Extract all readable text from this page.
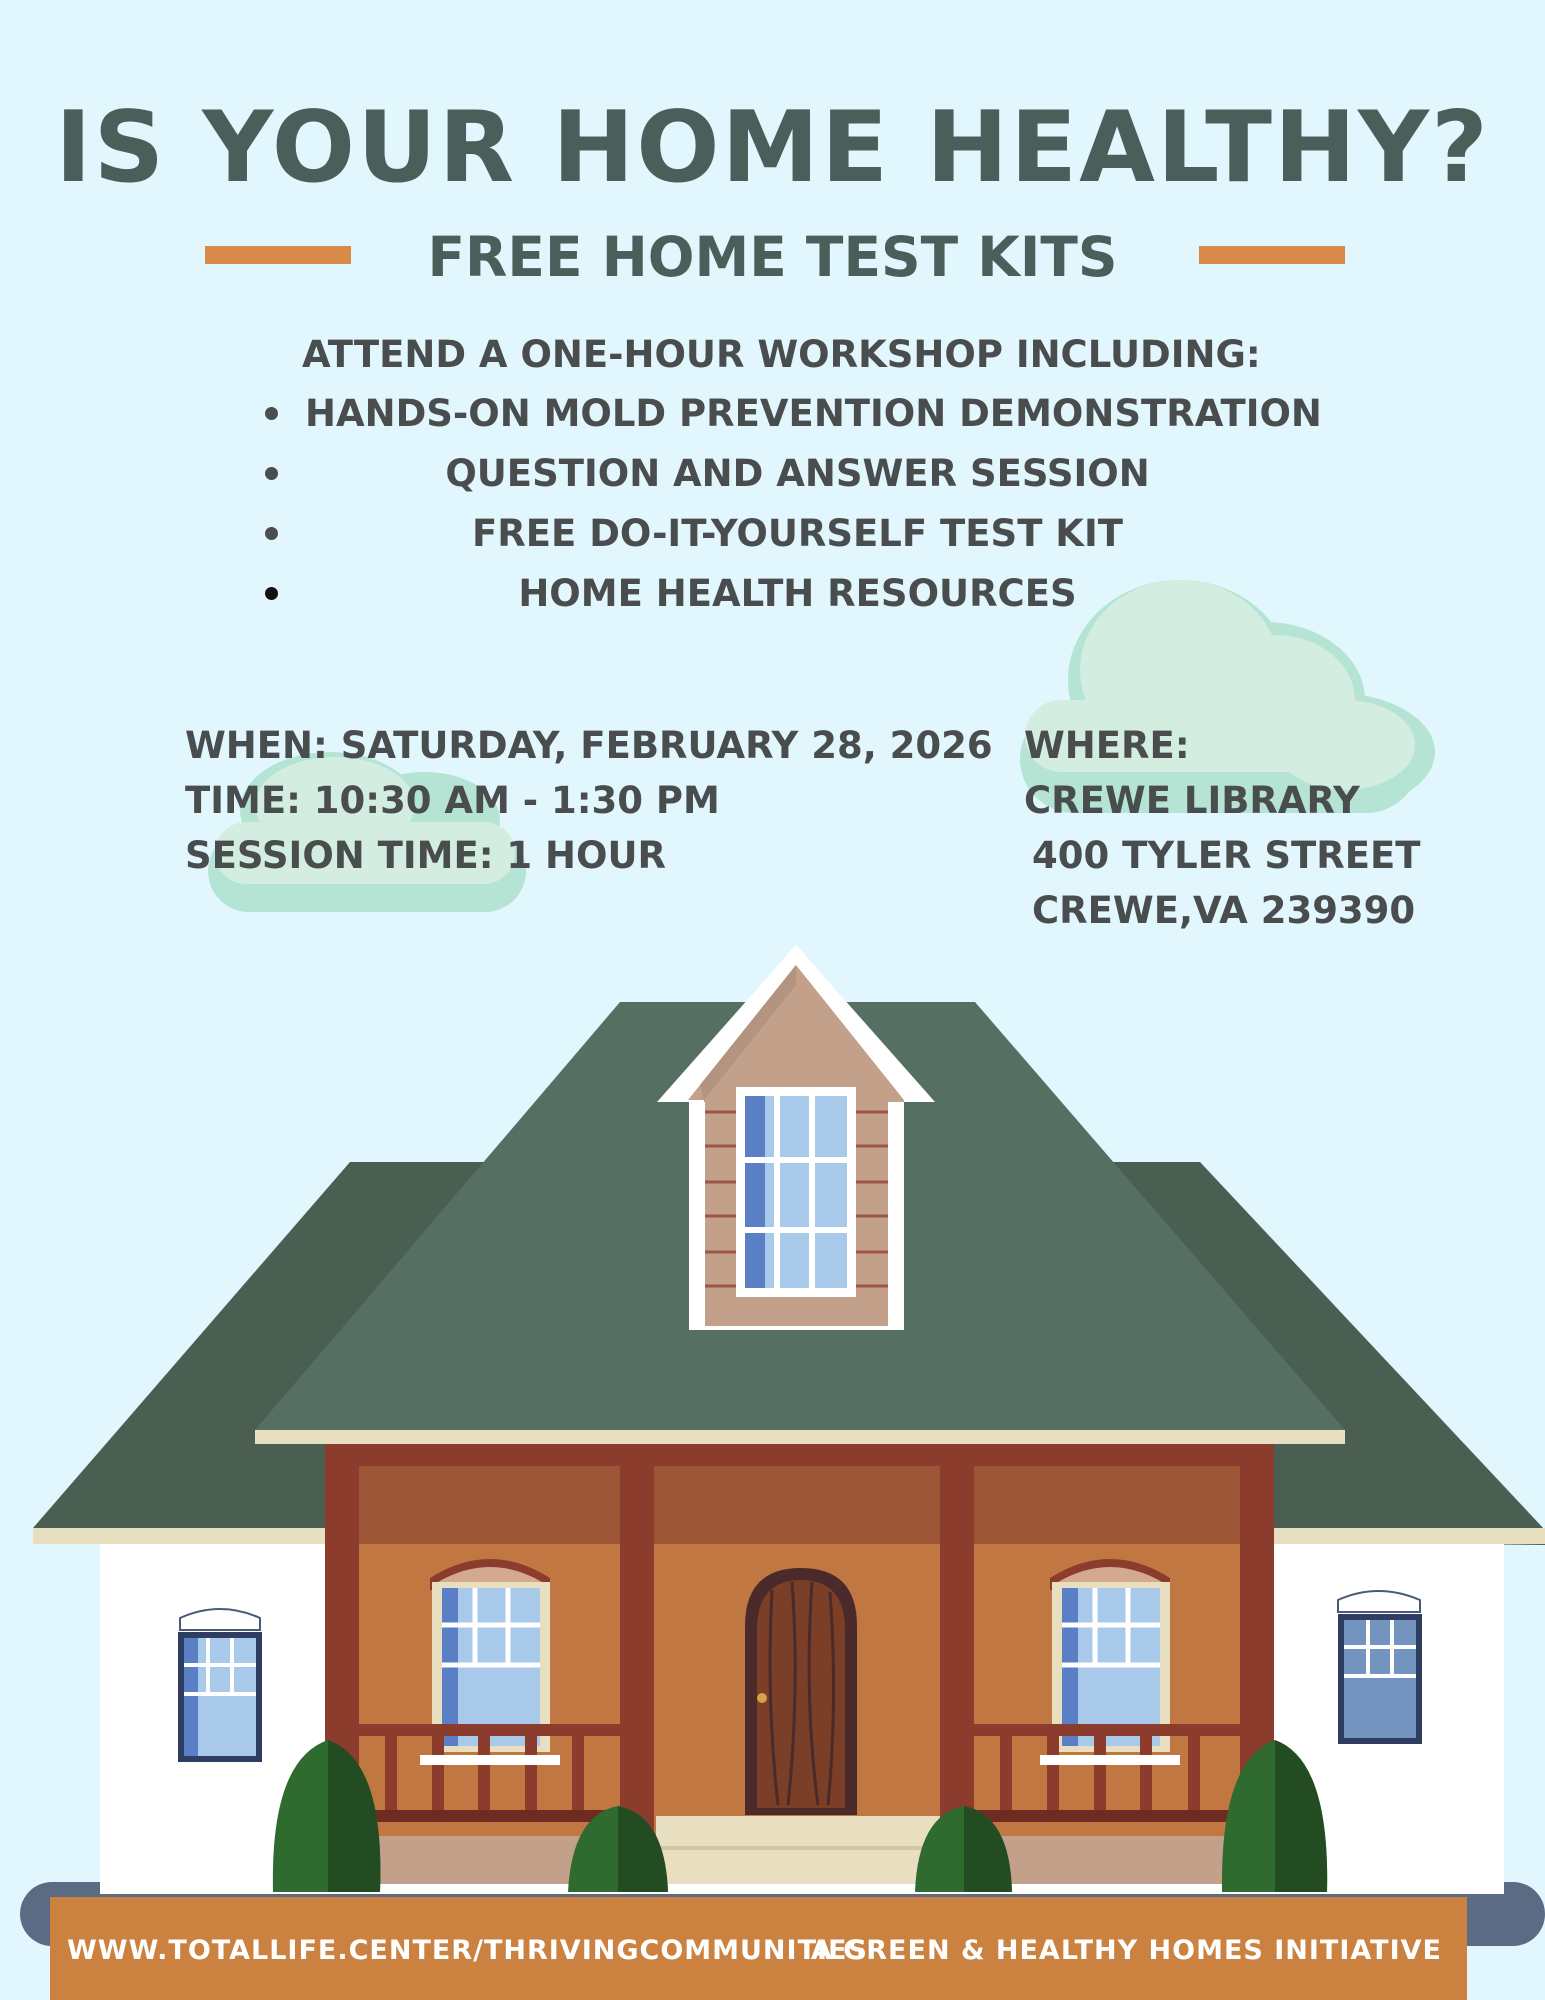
IS YOUR HOME HEALTHY?
FREE HOME TEST KITS
ATTEND A ONE-HOUR WORKSHOP INCLUDING:
HANDS-ON MOLD PREVENTION DEMONSTRATION
QUESTION AND ANSWER SESSION
FREE DO-IT-YOURSELF TEST KIT
HOME HEALTH RESOURCES
WHEN: SATURDAY, FEBRUARY 28, 2026
TIME: 10:30 AM - 1:30 PM
SESSION TIME: 1 HOUR
WHERE:
CREWE LIBRARY
400 TYLER STREET
CREWE,VA 239390
WWW.TOTALLIFE.CENTER/THRIVINGCOMMUNITIES
A GREEN & HEALTHY HOMES INITIATIVE
